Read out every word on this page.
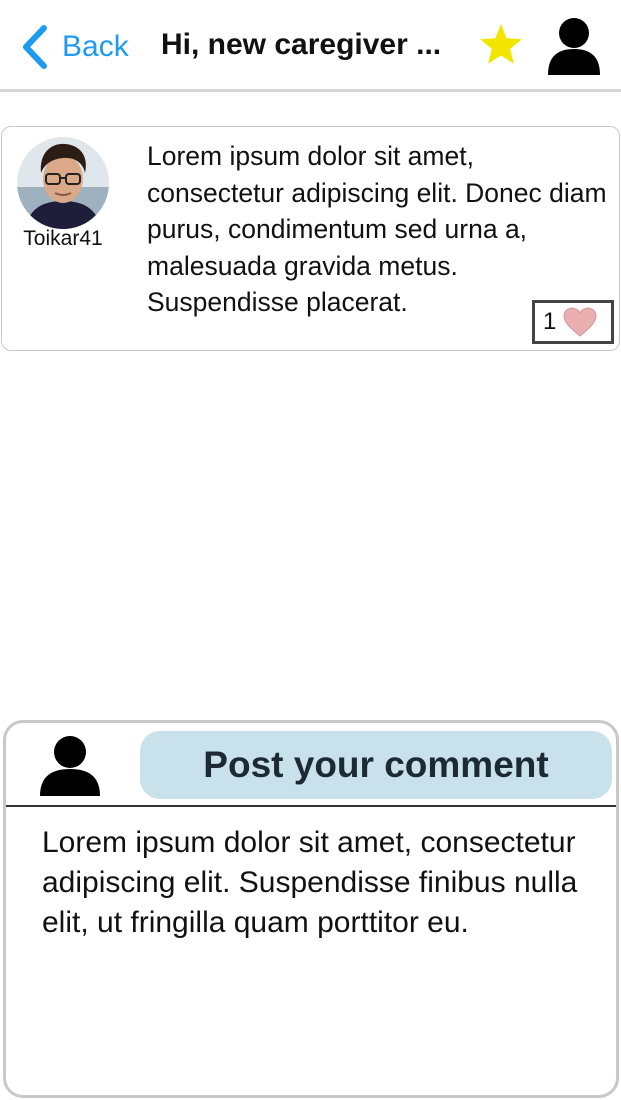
Back Hi, new caregiver ...
Toikar41
Lorem ipsum dolor sit amet, consectetur adipiscing elit. Donec diam purus, condimentum sed urna a, malesuada gravida metus. Suspendisse placerat.
1
Post your comment
Lorem ipsum dolor sit amet, consectetur adipiscing elit. Suspendisse finibus nulla elit, ut fringilla quam porttitor eu.
